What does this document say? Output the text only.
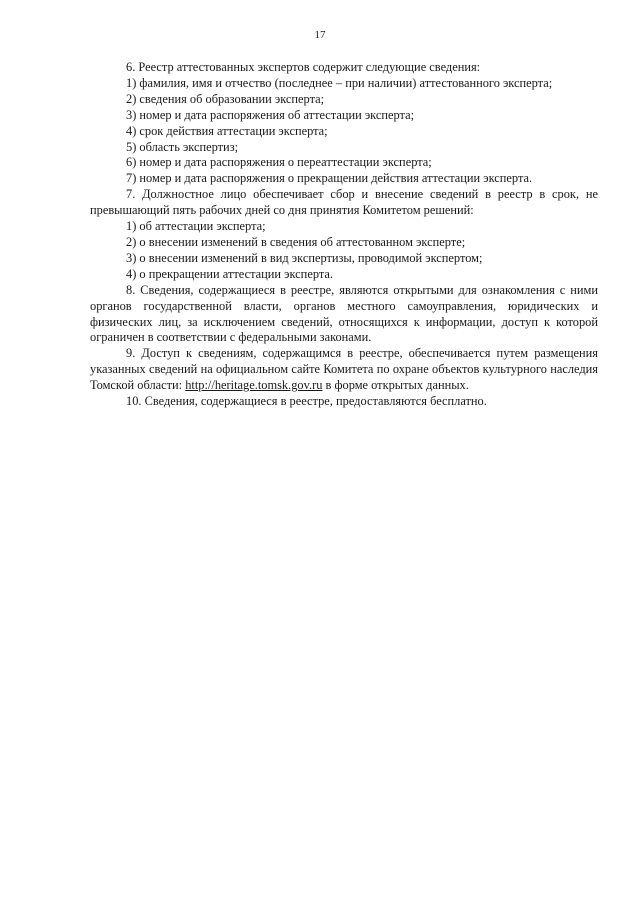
17

6. Реестр аттестованных экспертов содержит следующие сведения:

1) фамилия, имя и отчество (последнее – при наличии) аттестованного эксперта;

2) сведения об образовании эксперта;

3) номер и дата распоряжения об аттестации эксперта;

4) срок действия аттестации эксперта;

5) область экспертиз;

6) номер и дата распоряжения о переаттестации эксперта;

7) номер и дата распоряжения о прекращении действия аттестации эксперта.

7. Должностное лицо обеспечивает сбор и внесение сведений в реестр в срок, не превышающий пять рабочих дней со дня принятия Комитетом решений:

1) об аттестации эксперта;

2) о внесении изменений в сведения об аттестованном эксперте;

3) о внесении изменений в вид экспертизы, проводимой экспертом;

4) о прекращении аттестации эксперта.

8. Сведения, содержащиеся в реестре, являются открытыми для ознакомления с ними органов государственной власти, органов местного самоуправления, юридических и физических лиц, за исключением сведений, относящихся к информации, доступ к которой ограничен в соответствии с федеральными законами.

9. Доступ к сведениям, содержащимся в реестре, обеспечивается путем размещения указанных сведений на официальном сайте Комитета по охране объектов культурного наследия Томской области: http://heritage.tomsk.gov.ru в форме открытых данных.

10. Сведения, содержащиеся в реестре, предоставляются бесплатно.
